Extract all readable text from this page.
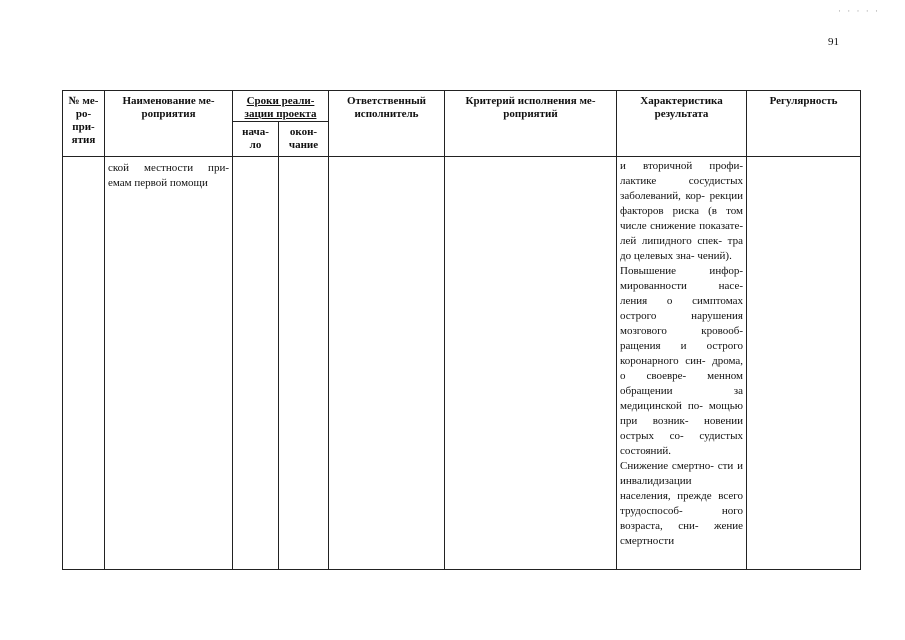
· · · · ·
91
№ ме- ро- при- ятия	Наименование ме- роприятия	Сроки реали- зации проекта		Ответственный исполнитель	Критерий исполнения ме- роприятий	Характеристика результата	Регулярность

		нача- ло	окон- чание				

	ской местности при- емам первой помощи					и вторичной профи- лактике сосудистых заболеваний, кор- рекции факторов риска (в том числе снижение показате- лей липидного спек- тра до целевых зна- чений).
Повышение инфор- мированности насе- ления о симптомах острого нарушения мозгового кровооб- ращения и острого коронарного син- дрома, о своевре- менном обращении за медицинской по- мощью при возник- новении острых со- судистых состояний.
Снижение смертно- сти и инвалидизации населения, прежде всего трудоспособ- ного возраста, сни- жение смертности	
